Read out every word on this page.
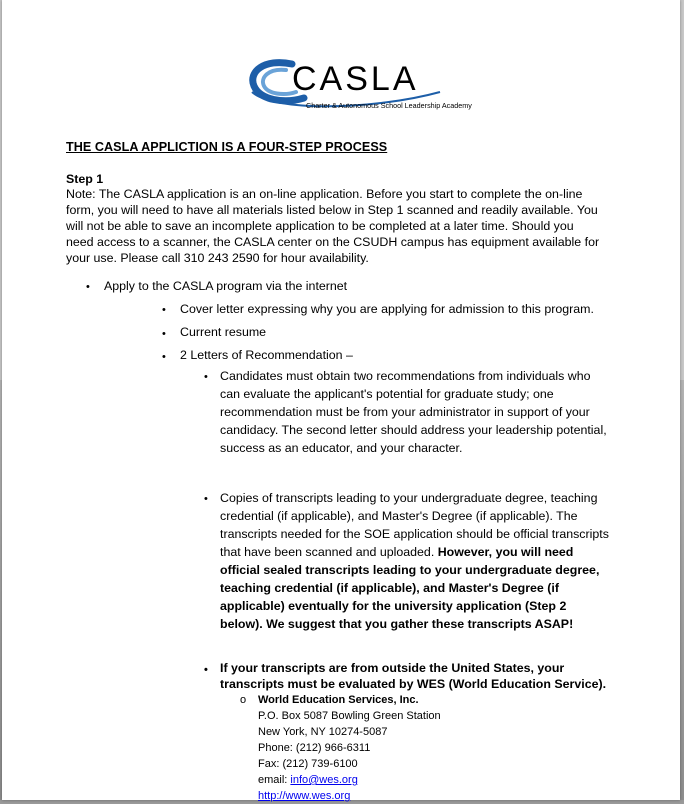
CASLA
Charter & Autonomous School Leadership Academy
THE CASLA APPLICTION IS A FOUR-STEP PROCESS
Step 1
Note: The CASLA application is an on-line application. Before you start to complete the on-line
form, you will need to have all materials listed below in Step 1 scanned and readily available. You
will not be able to save an incomplete application to be completed at a later time. Should you
need access to a scanner, the CASLA center on the CSUDH campus has equipment available for
your use. Please call 310 243 2590 for hour availability.
• Apply to the CASLA program via the internet
• Cover letter expressing why you are applying for admission to this program.
• Current resume
• 2 Letters of Recommendation –
• Candidates must obtain two recommendations from individuals who
can evaluate the applicant's potential for graduate study; one
recommendation must be from your administrator in support of your
candidacy. The second letter should address your leadership potential,
success as an educator, and your character.
• Copies of transcripts leading to your undergraduate degree, teaching
credential (if applicable), and Master's Degree (if applicable). The
transcripts needed for the SOE application should be official transcripts
that have been scanned and uploaded. However, you will need
official sealed transcripts leading to your undergraduate degree,
teaching credential (if applicable), and Master's Degree (if
applicable) eventually for the university application (Step 2
below). We suggest that you gather these transcripts ASAP!
• If your transcripts are from outside the United States, your
transcripts must be evaluated by WES (World Education Service).
o World Education Services, Inc.
P.O. Box 5087 Bowling Green Station
New York, NY 10274-5087
Phone: (212) 966-6311
Fax: (212) 739-6100
email: info@wes.org
http://www.wes.org
